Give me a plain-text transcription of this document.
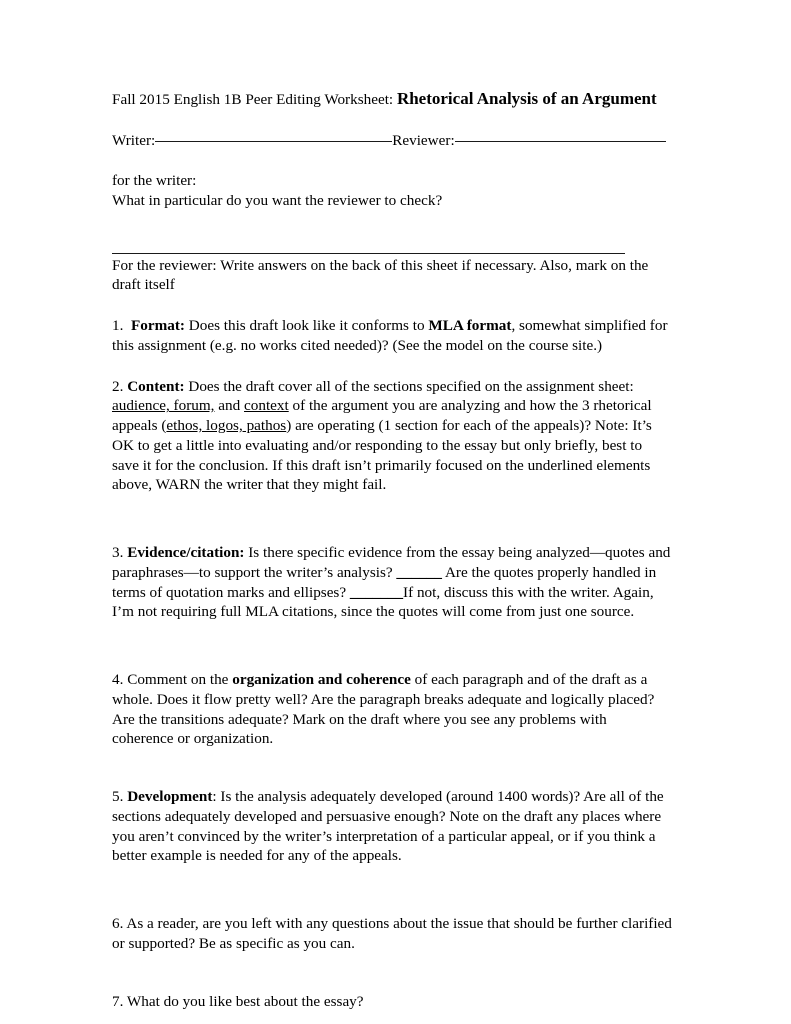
Fall 2015 English 1B Peer Editing Worksheet: Rhetorical Analysis of an Argument
Writer:	Reviewer:
for the writer:
What in particular do you want the reviewer to check?
For the reviewer: Write answers on the back of this sheet if necessary. Also, mark on the draft itself
1. Format: Does this draft look like it conforms to MLA format, somewhat simplified for this assignment (e.g. no works cited needed)? (See the model on the course site.)
2. Content: Does the draft cover all of the sections specified on the assignment sheet: audience, forum, and context of the argument you are analyzing and how the 3 rhetorical appeals (ethos, logos, pathos) are operating (1 section for each of the appeals)? Note: It’s OK to get a little into evaluating and/or responding to the essay but only briefly, best to save it for the conclusion. If this draft isn’t primarily focused on the underlined elements above, WARN the writer that they might fail.
3. Evidence/citation: Is there specific evidence from the essay being analyzed—quotes and paraphrases—to support the writer’s analysis? ______ Are the quotes properly handled in terms of quotation marks and ellipses? _______If not, discuss this with the writer. Again, I’m not requiring full MLA citations, since the quotes will come from just one source.
4. Comment on the organization and coherence of each paragraph and of the draft as a whole. Does it flow pretty well? Are the paragraph breaks adequate and logically placed? Are the transitions adequate? Mark on the draft where you see any problems with coherence or organization.
5. Development: Is the analysis adequately developed (around 1400 words)? Are all of the sections adequately developed and persuasive enough? Note on the draft any places where you aren’t convinced by the writer’s interpretation of a particular appeal, or if you think a better example is needed for any of the appeals.
6. As a reader, are you left with any questions about the issue that should be further clarified or supported? Be as specific as you can.
7. What do you like best about the essay?
